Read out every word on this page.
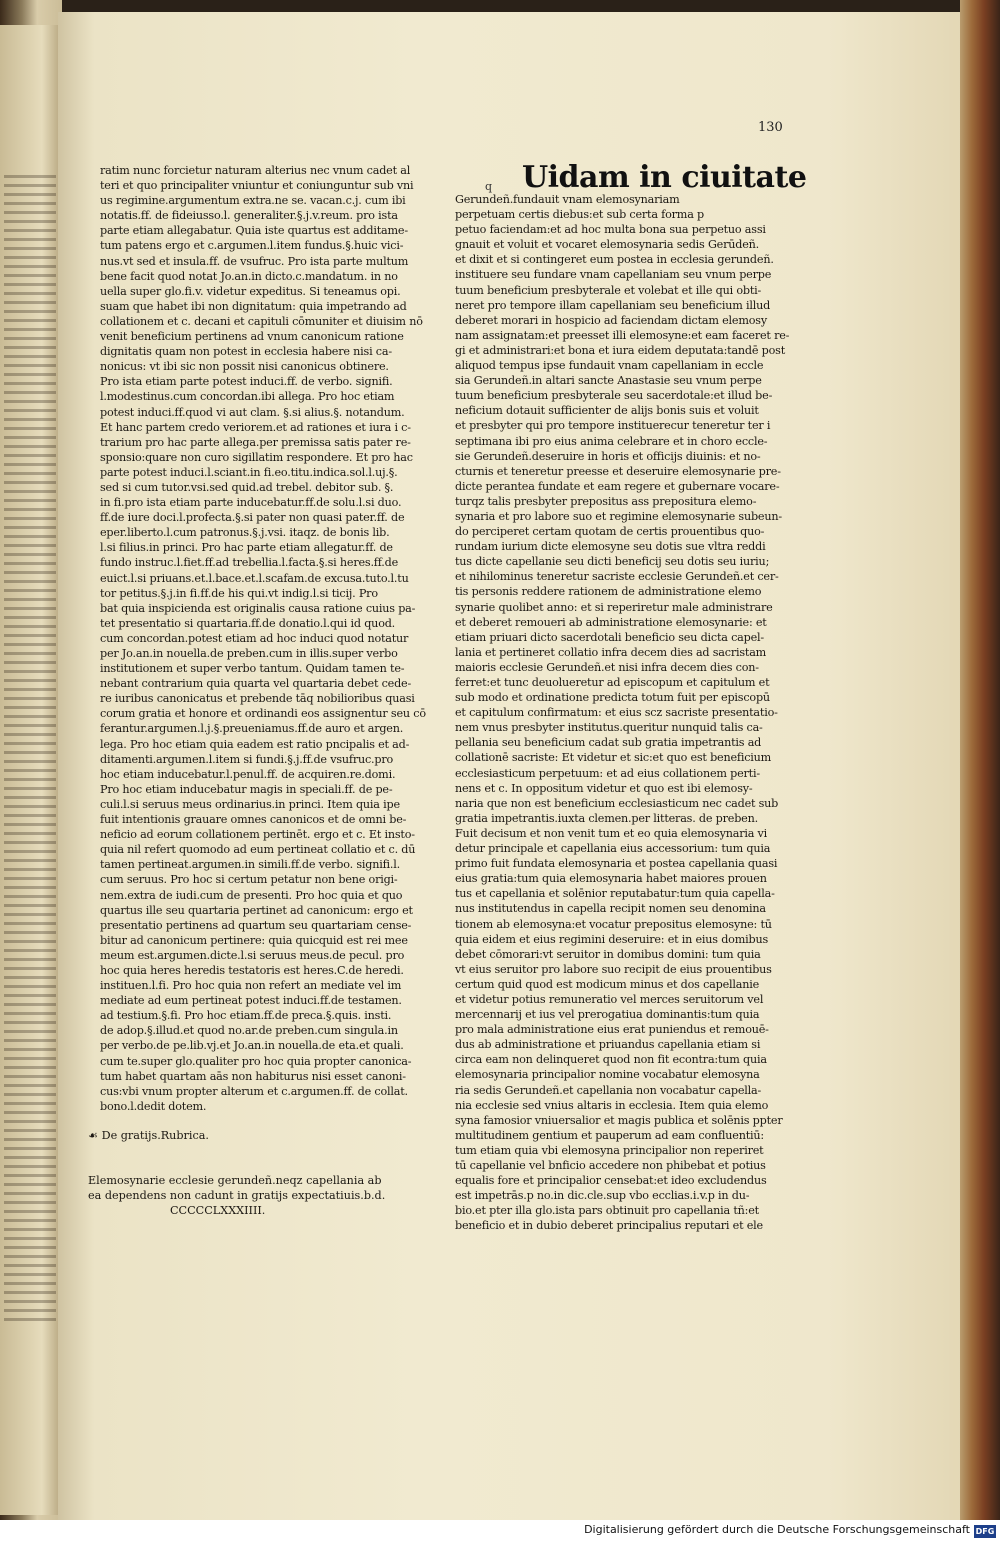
130
q Uidam in ciuitate
ratim nunc forcietur naturam alterius nec vnum cadet al
teri et quo principaliter vniuntur et coniunguntur sub vni
us regimine.argumentum extra.ne se. vacan.c.j. cum ibi
notatis.ff. de fideiusso.l. generaliter.§.j.v.reum. pro ista
parte etiam allegabatur. Quia iste quartus est additame-
tum patens ergo et c.argumen.l.item fundus.§.huic vici-
nus.vt sed et insula.ff. de vsufruc. Pro ista parte multum
bene facit quod notat Jo.an.in dicto.c.mandatum. in no
uella super glo.fi.v. videtur expeditus. Si teneamus opi.
suam que habet ibi non dignitatum: quia impetrando ad
collationem et c. decani et capituli cōmuniter et diuisim nō
venit beneficium pertinens ad vnum canonicum ratione
dignitatis quam non potest in ecclesia habere nisi ca-
nonicus: vt ibi sic non possit nisi canonicus obtinere.
Pro ista etiam parte potest induci.ff. de verbo. signifi.
l.modestinus.cum concordan.ibi allega. Pro hoc etiam
potest induci.ff.quod vi aut clam. §.si alius.§. notandum.
Et hanc partem credo veriorem.et ad rationes et iura i c-
trarium pro hac parte allega.per premissa satis pater re-
sponsio:quare non curo sigillatim respondere. Et pro hac
parte potest induci.l.sciant.in fi.eo.titu.indica.sol.l.uj.§.
sed si cum tutor.vsi.sed quid.ad trebel. debitor sub. §.
in fi.pro ista etiam parte inducebatur.ff.de solu.l.si duo.
ff.de iure doci.l.profecta.§.si pater non quasi pater.ff. de
eper.liberto.l.cum patronus.§.j.vsi. itaqz. de bonis lib.
l.si filius.in princi. Pro hac parte etiam allegatur.ff. de
fundo instruc.l.fiet.ff.ad trebellia.l.facta.§.si heres.ff.de
euict.l.si priuans.et.l.bace.et.l.scafam.de excusa.tuto.l.tu
tor petitus.§.j.in fi.ff.de his qui.vt indig.l.si ticij. Pro
bat quia inspicienda est originalis causa ratione cuius pa-
tet presentatio si quartaria.ff.de donatio.l.qui id quod.
cum concordan.potest etiam ad hoc induci quod notatur
per Jo.an.in nouella.de preben.cum in illis.super verbo
institutionem et super verbo tantum. Quidam tamen te-
nebant contrarium quia quarta vel quartaria debet cede-
re iuribus canonicatus et prebende tāq nobilioribus quasi
corum gratia et honore et ordinandi eos assignentur seu cō
ferantur.argumen.l.j.§.preueniamus.ff.de auro et argen.
lega. Pro hoc etiam quia eadem est ratio pncipalis et ad-
ditamenti.argumen.l.item si fundi.§.j.ff.de vsufruc.pro
hoc etiam inducebatur.l.penul.ff. de acquiren.re.domi.
Pro hoc etiam inducebatur magis in speciali.ff. de pe-
culi.l.si seruus meus ordinarius.in princi. Item quia ipe
fuit intentionis grauare omnes canonicos et de omni be-
neficio ad eorum collationem pertinēt. ergo et c. Et insto-
quia nil refert quomodo ad eum pertineat collatio et c. dū
tamen pertineat.argumen.in simili.ff.de verbo. signifi.l.
cum seruus. Pro hoc si certum petatur non bene origi-
nem.extra de iudi.cum de presenti. Pro hoc quia et quo
quartus ille seu quartaria pertinet ad canonicum: ergo et
presentatio pertinens ad quartum seu quartariam cense-
bitur ad canonicum pertinere: quia quicquid est rei mee
meum est.argumen.dicte.l.si seruus meus.de pecul. pro
hoc quia heres heredis testatoris est heres.C.de heredi.
instituen.l.fi. Pro hoc quia non refert an mediate vel im
mediate ad eum pertineat potest induci.ff.de testamen.
ad testium.§.fi. Pro hoc etiam.ff.de preca.§.quis. insti.
de adop.§.illud.et quod no.ar.de preben.cum singula.in
per verbo.de pe.lib.vj.et Jo.an.in nouella.de eta.et quali.
cum te.super glo.qualiter pro hoc quia propter canonica-
tum habet quartam aās non habiturus nisi esset canoni-
cus:vbi vnum propter alterum et c.argumen.ff. de collat.
bono.l.dedit dotem.
Gerundeñ.fundauit vnam elemosynariam
perpetuam certis diebus:et sub certa forma p
petuo faciendam:et ad hoc multa bona sua perpetuo assi
gnauit et voluit et vocaret elemosynaria sedis Gerūdeñ.
et dixit et si contingeret eum postea in ecclesia gerundeñ.
instituere seu fundare vnam capellaniam seu vnum perpe
tuum beneficium presbyterale et volebat et ille qui obti-
neret pro tempore illam capellaniam seu beneficium illud
deberet morari in hospicio ad faciendam dictam elemosy
nam assignatam:et preesset illi elemosyne:et eam faceret re-
gi et administrari:et bona et iura eidem deputata:tandē post
aliquod tempus ipse fundauit vnam capellaniam in eccle
sia Gerundeñ.in altari sancte Anastasie seu vnum perpe
tuum beneficium presbyterale seu sacerdotale:et illud be-
neficium dotauit sufficienter de alijs bonis suis et voluit
et presbyter qui pro tempore instituerecur teneretur ter i
septimana ibi pro eius anima celebrare et in choro eccle-
sie Gerundeñ.deseruire in horis et officijs diuinis: et no-
cturnis et teneretur preesse et deseruire elemosynarie pre-
dicte perantea fundate et eam regere et gubernare vocare-
turqz talis presbyter prepositus ass prepositura elemo-
synaria et pro labore suo et regimine elemosynarie subeun-
do perciperet certam quotam de certis prouentibus quo-
rundam iurium dicte elemosyne seu dotis sue vltra reddi
tus dicte capellanie seu dicti beneficij seu dotis seu iuriu;
et nihilominus teneretur sacriste ecclesie Gerundeñ.et cer-
tis personis reddere rationem de administratione elemo
synarie quolibet anno: et si reperiretur male administrare
et deberet remoueri ab administratione elemosynarie: et
etiam priuari dicto sacerdotali beneficio seu dicta capel-
lania et pertineret collatio infra decem dies ad sacristam
maioris ecclesie Gerundeñ.et nisi infra decem dies con-
ferret:et tunc deuolueretur ad episcopum et capitulum et
sub modo et ordinatione predicta totum fuit per episcopū
et capitulum confirmatum: et eius scz sacriste presentatio-
nem vnus presbyter institutus.queritur nunquid talis ca-
pellania seu beneficium cadat sub gratia impetrantis ad
collationē sacriste: Et videtur et sic:et quo est beneficium
ecclesiasticum perpetuum: et ad eius collationem perti-
nens et c. In oppositum videtur et quo est ibi elemosy-
naria que non est beneficium ecclesiasticum nec cadet sub
gratia impetrantis.iuxta clemen.per litteras. de preben.
Fuit decisum et non venit tum et eo quia elemosynaria vi
detur principale et capellania eius accessorium: tum quia
primo fuit fundata elemosynaria et postea capellania quasi
eius gratia:tum quia elemosynaria habet maiores prouen
tus et capellania et solēnior reputabatur:tum quia capella-
nus institutendus in capella recipit nomen seu denomina
tionem ab elemosyna:et vocatur prepositus elemosyne: tū
quia eidem et eius regimini deseruire: et in eius domibus
debet cōmorari:vt seruitor in domibus domini: tum quia
vt eius seruitor pro labore suo recipit de eius prouentibus
certum quid quod est modicum minus et dos capellanie
et videtur potius remuneratio vel merces seruitorum vel
mercennarij et ius vel prerogatiua dominantis:tum quia
pro mala administratione eius erat puniendus et remouē-
dus ab administratione et priuandus capellania etiam si
circa eam non delinqueret quod non fit econtra:tum quia
elemosynaria principalior nomine vocabatur elemosyna
ria sedis Gerundeñ.et capellania non vocabatur capella-
nia ecclesie sed vnius altaris in ecclesia. Item quia elemo
syna famosior vniuersalior et magis publica et solēnis ppter
multitudinem gentium et pauperum ad eam confluentiū:
tum etiam quia vbi elemosyna principalior non reperiret
tū capellanie vel bnficio accedere non phibebat et potius
equalis fore et principalior censebat:et ideo excludendus
est impetrās.p no.in dic.cle.sup vbo ecclias.i.v.p in du-
bio.et pter illa glo.ista pars obtinuit pro capellania tñ:et
beneficio et in dubio deberet principalius reputari et ele
☙ De gratijs.Rubrica.
Elemosynarie ecclesie gerundeñ.neqz capellania ab
ea dependens non cadunt in gratijs expectatiuis.b.d.
CCCCCLXXXIIII.
Digitalisierung gefördert durch die Deutsche Forschungsgemeinschaft DFG
